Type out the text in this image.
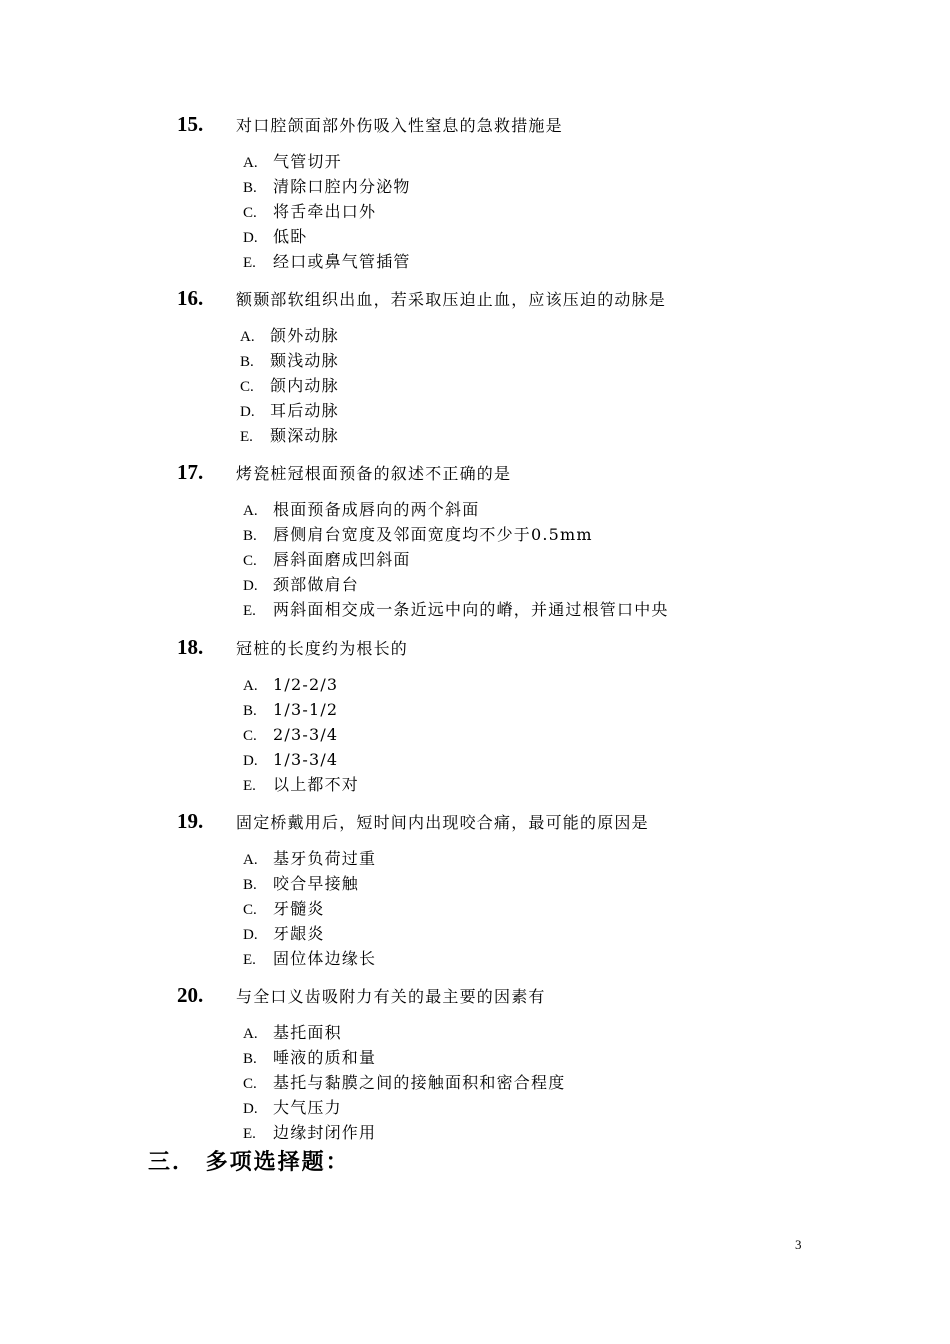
15. 对口腔颌面部外伤吸入性窒息的急救措施是
A. 气管切开
B. 清除口腔内分泌物
C. 将舌牵出口外
D. 低卧
E. 经口或鼻气管插管
16. 额颞部软组织出血，若采取压迫止血，应该压迫的动脉是
A. 颌外动脉
B. 颞浅动脉
C. 颌内动脉
D. 耳后动脉
E. 颞深动脉
17. 烤瓷桩冠根面预备的叙述不正确的是
A. 根面预备成唇向的两个斜面
B. 唇侧肩台宽度及邻面宽度均不少于0.5mm
C. 唇斜面磨成凹斜面
D. 颈部做肩台
E. 两斜面相交成一条近远中向的嵴，并通过根管口中央
18. 冠桩的长度约为根长的
A. 1/2-2/3
B. 1/3-1/2
C. 2/3-3/4
D. 1/3-3/4
E. 以上都不对
19. 固定桥戴用后，短时间内出现咬合痛，最可能的原因是
A. 基牙负荷过重
B. 咬合早接触
C. 牙髓炎
D. 牙龈炎
E. 固位体边缘长
20. 与全口义齿吸附力有关的最主要的因素有
A. 基托面积
B. 唾液的质和量
C. 基托与黏膜之间的接触面积和密合程度
D. 大气压力
E. 边缘封闭作用
三． 多项选择题：
3
